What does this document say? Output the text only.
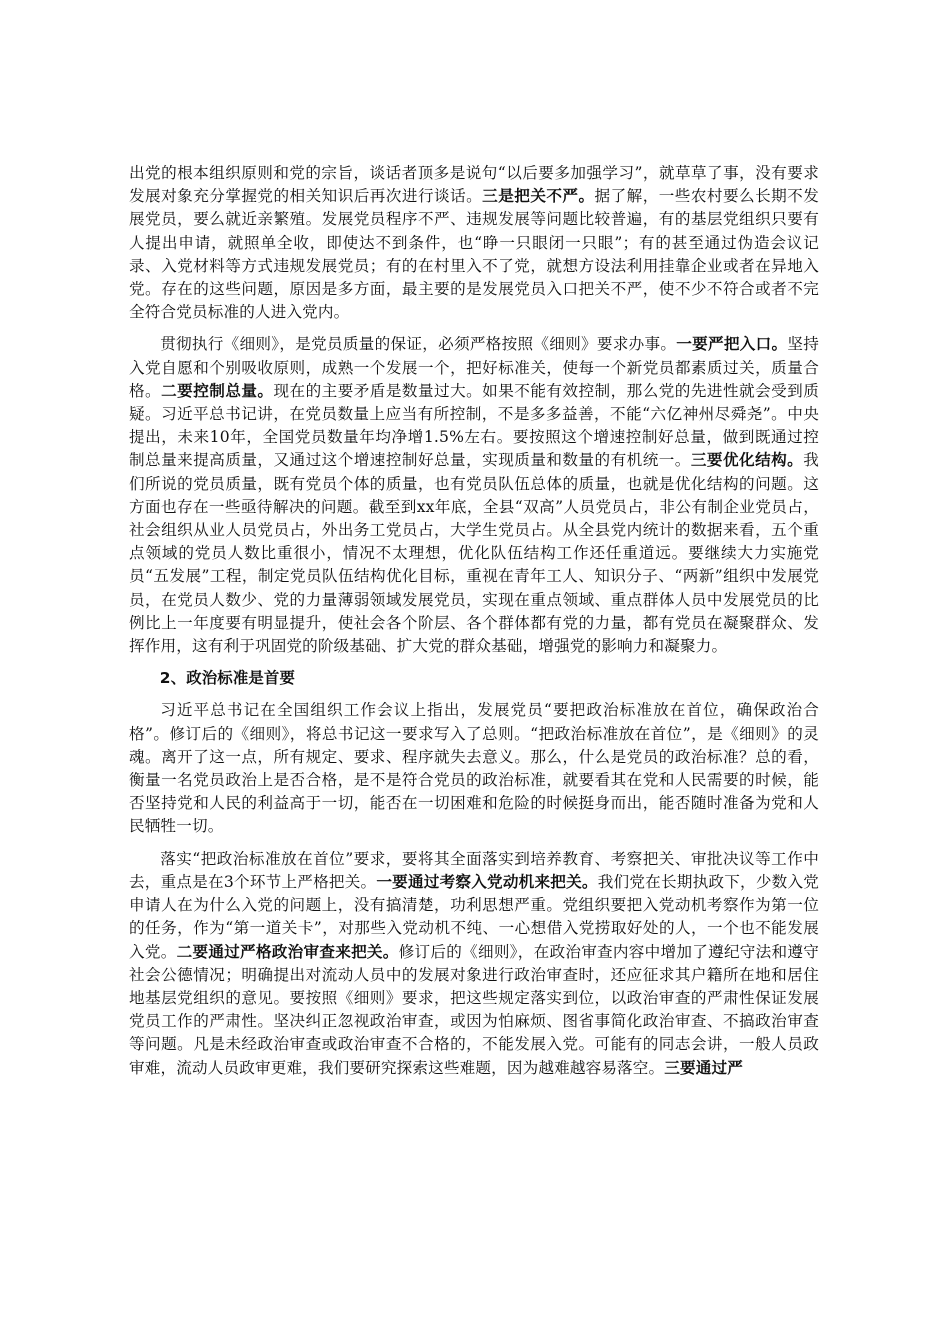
出党的根本组织原则和党的宗旨，谈话者顶多是说句“以后要多加强学习”，就草草了事，没有要求发展对象充分掌握党的相关知识后再次进行谈话。三是把关不严。据了解，一些农村要么长期不发展党员，要么就近亲繁殖。发展党员程序不严、违规发展等问题比较普遍，有的基层党组织只要有人提出申请，就照单全收，即使达不到条件，也“睁一只眼闭一只眼”；有的甚至通过伪造会议记录、入党材料等方式违规发展党员；有的在村里入不了党，就想方设法利用挂靠企业或者在异地入党。存在的这些问题，原因是多方面，最主要的是发展党员入口把关不严，使不少不符合或者不完全符合党员标准的人进入党内。

贯彻执行《细则》，是党员质量的保证，必须严格按照《细则》要求办事。一要严把入口。坚持入党自愿和个别吸收原则，成熟一个发展一个，把好标准关，使每一个新党员都素质过关，质量合格。二要控制总量。现在的主要矛盾是数量过大。如果不能有效控制，那么党的先进性就会受到质疑。习近平总书记讲，在党员数量上应当有所控制，不是多多益善，不能“六亿神州尽舜尧”。中央提出，未来10年，全国党员数量年均净增1.5%左右。要按照这个增速控制好总量，做到既通过控制总量来提高质量，又通过这个增速控制好总量，实现质量和数量的有机统一。三要优化结构。我们所说的党员质量，既有党员个体的质量，也有党员队伍总体的质量，也就是优化结构的问题。这方面也存在一些亟待解决的问题。截至到xx年底，全县“双高”人员党员占，非公有制企业党员占，社会组织从业人员党员占，外出务工党员占，大学生党员占。从全县党内统计的数据来看，五个重点领域的党员人数比重很小，情况不太理想，优化队伍结构工作还任重道远。要继续大力实施党员“五发展”工程，制定党员队伍结构优化目标，重视在青年工人、知识分子、“两新”组织中发展党员，在党员人数少、党的力量薄弱领域发展党员，实现在重点领域、重点群体人员中发展党员的比例比上一年度要有明显提升，使社会各个阶层、各个群体都有党的力量，都有党员在凝聚群众、发挥作用，这有利于巩固党的阶级基础、扩大党的群众基础，增强党的影响力和凝聚力。

2、政治标准是首要

习近平总书记在全国组织工作会议上指出，发展党员“要把政治标准放在首位，确保政治合格”。修订后的《细则》，将总书记这一要求写入了总则。“把政治标准放在首位”，是《细则》的灵魂。离开了这一点，所有规定、要求、程序就失去意义。那么，什么是党员的政治标准？总的看，衡量一名党员政治上是否合格，是不是符合党员的政治标准，就要看其在党和人民需要的时候，能否坚持党和人民的利益高于一切，能否在一切困难和危险的时候挺身而出，能否随时准备为党和人民牺牲一切。

落实“把政治标准放在首位”要求，要将其全面落实到培养教育、考察把关、审批决议等工作中去，重点是在3个环节上严格把关。一要通过考察入党动机来把关。我们党在长期执政下，少数入党申请人在为什么入党的问题上，没有搞清楚，功利思想严重。党组织要把入党动机考察作为第一位的任务，作为“第一道关卡”，对那些入党动机不纯、一心想借入党捞取好处的人，一个也不能发展入党。二要通过严格政治审查来把关。修订后的《细则》，在政治审查内容中增加了遵纪守法和遵守社会公德情况；明确提出对流动人员中的发展对象进行政治审查时，还应征求其户籍所在地和居住地基层党组织的意见。要按照《细则》要求，把这些规定落实到位，以政治审查的严肃性保证发展党员工作的严肃性。坚决纠正忽视政治审查，或因为怕麻烦、图省事简化政治审查、不搞政治审查等问题。凡是未经政治审查或政治审查不合格的，不能发展入党。可能有的同志会讲，一般人员政审难，流动人员政审更难，我们要研究探索这些难题，因为越难越容易落空。三要通过严
